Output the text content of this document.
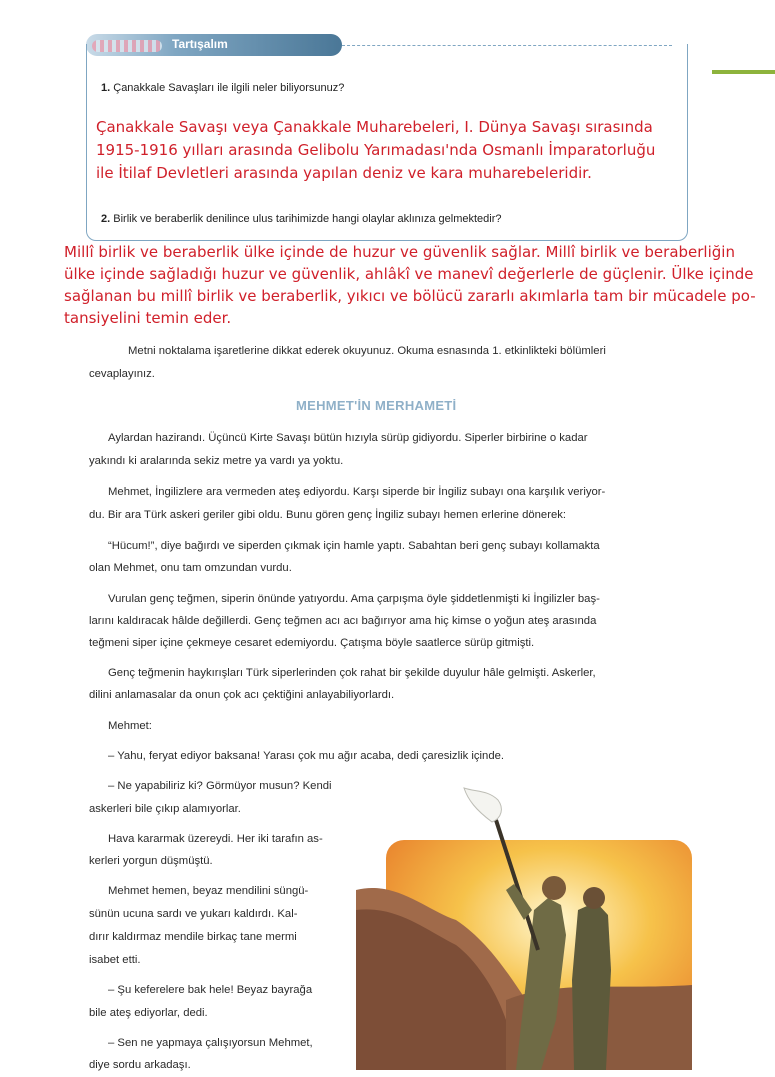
Tartışalım
1. Çanakkale Savaşları ile ilgili neler biliyorsunuz?
Çanakkale Savaşı veya Çanakkale Muharebeleri, I. Dünya Savaşı sırasında
1915-1916 yılları arasında Gelibolu Yarımadası'nda Osmanlı İmparatorluğu
ile İtilaf Devletleri arasında yapılan deniz ve kara muharebeleridir.
2. Birlik ve beraberlik denilince ulus tarihimizde hangi olaylar aklınıza gelmektedir?
Millî birlik ve beraberlik ülke içinde de huzur ve güvenlik sağlar. Millî birlik ve beraberliğin
ülke içinde sağladığı huzur ve güvenlik, ahlâkî ve manevî değerlerle de güçlenir. Ülke içinde
sağlanan bu millî birlik ve beraberlik, yıkıcı ve bölücü zararlı akımlarla tam bir mücadele po-
tansiyelini temin eder.
Metni noktalama işaretlerine dikkat ederek okuyunuz. Okuma esnasında 1. etkinlikteki bölümleri
cevaplayınız.
MEHMET'İN MERHAMETİ
Aylardan hazirandı. Üçüncü Kirte Savaşı bütün hızıyla sürüp gidiyordu. Siperler birbirine o kadar
yakındı ki aralarında sekiz metre ya vardı ya yoktu.
Mehmet, İngilizlere ara vermeden ateş ediyordu. Karşı siperde bir İngiliz subayı ona karşılık veriyor-
du. Bir ara Türk askeri geriler gibi oldu. Bunu gören genç İngiliz subayı hemen erlerine dönerek:
“Hücum!”, diye bağırdı ve siperden çıkmak için hamle yaptı. Sabahtan beri genç subayı kollamakta
olan Mehmet, onu tam omzundan vurdu.
Vurulan genç teğmen, siperin önünde yatıyordu. Ama çarpışma öyle şiddetlenmişti ki İngilizler baş-
larını kaldıracak hâlde değillerdi. Genç teğmen acı acı bağırıyor ama hiç kimse o yoğun ateş arasında
teğmeni siper içine çekmeye cesaret edemiyordu. Çatışma böyle saatlerce sürüp gitmişti.
Genç teğmenin haykırışları Türk siperlerinden çok rahat bir şekilde duyulur hâle gelmişti. Askerler,
dilini anlamasalar da onun çok acı çektiğini anlayabiliyorlardı.
Mehmet:
– Yahu, feryat ediyor baksana! Yarası çok mu ağır acaba, dedi çaresizlik içinde.
– Ne yapabiliriz ki? Görmüyor musun? Kendi
askerleri bile çıkıp alamıyorlar.
Hava kararmak üzereydi. Her iki tarafın as-
kerleri yorgun düşmüştü.
Mehmet hemen, beyaz mendilini süngü-
sünün ucuna sardı ve yukarı kaldırdı. Kal-
dırır kaldırmaz mendile birkaç tane mermi
isabet etti.
– Şu keferelere bak hele! Beyaz bayrağa
bile ateş ediyorlar, dedi.
– Sen ne yapmaya çalışıyorsun Mehmet,
diye sordu arkadaşı.
